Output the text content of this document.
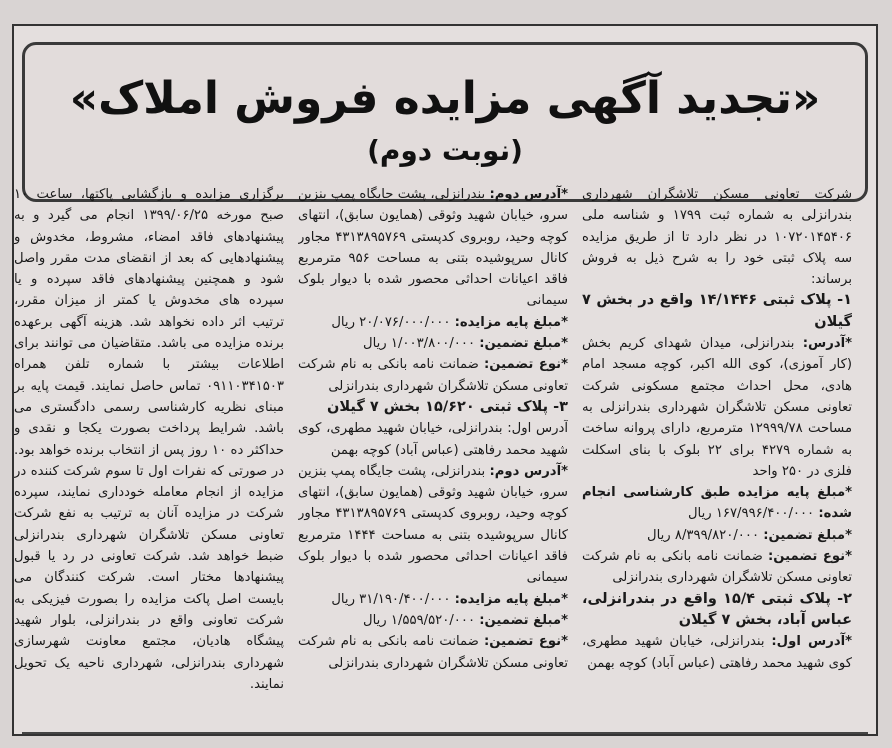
«تجدید آگهی مزایده فروش املاک»
(نوبت دوم)

شرکت تعاونی مسکن تلاشگران شهرداری بندرانزلی به شماره ثبت ۱۷۹۹ و شناسه ملی ۱۰۷۲۰۱۴۵۴۰۶ در نظر دارد تا از طریق مزایده سه پلاک ثبتی خود را به شرح ذیل به فروش برساند:

۱- پلاک ثبتی ۱۴/۱۴۴۶ واقع در بخش ۷ گیلان

*آدرس: بندرانزلی، میدان شهدای کریم بخش (کار آموزی)، کوی الله اکبر، کوچه مسجد امام هادی، محل احداث مجتمع مسکونی شرکت تعاونی مسکن تلاشگران شهرداری بندرانزلی به مساحت ۱۲۹۹۹/۷۸ مترمربع، دارای پروانه ساخت به شماره ۴۲۷۹ برای ۲۲ بلوک با بنای اسکلت فلزی در ۲۵۰ واحد

*مبلغ پایه مزایده طبق کارشناسی انجام شده: ۱۶۷/۹۹۶/۴۰۰/۰۰۰ ریال

*مبلغ تضمین: ۸/۳۹۹/۸۲۰/۰۰۰ ریال

*نوع تضمین: ضمانت نامه بانکی به نام شرکت تعاونی مسکن تلاشگران شهرداری بندرانزلی

۲- پلاک ثبتی ۱۵/۴ واقع در بندرانزلی، عباس آباد، بخش ۷ گیلان

*آدرس اول: بندرانزلی، خیابان شهید مطهری، کوی شهید محمد رفاهتی (عباس آباد) کوچه بهمن

*آدرس دوم: بندرانزلی، پشت جایگاه پمپ بنزین سرو، خیابان شهید وثوقی (همایون سابق)، انتهای کوچه وحید، روبروی کدپستی ۴۳۱۳۸۹۵۷۶۹ مجاور کانال سرپوشیده بتنی به مساحت ۹۵۶ مترمربع فاقد اعیانات احداثی محصور شده با دیوار بلوک سیمانی

*مبلغ پایه مزایده: ۲۰/۰۷۶/۰۰۰/۰۰۰ ریال

*مبلغ تضمین: ۱/۰۰۳/۸۰۰/۰۰۰ ریال

*نوع تضمین: ضمانت نامه بانکی به نام شرکت تعاونی مسکن تلاشگران شهرداری بندرانزلی

۳- پلاک ثبتی ۱۵/۶۲۰ بخش ۷ گیلان

آدرس اول: بندرانزلی، خیابان شهید مطهری، کوی شهید محمد رفاهتی (عباس آباد) کوچه بهمن

*آدرس دوم: بندرانزلی، پشت جایگاه پمپ بنزین سرو، خیابان شهید وثوقی (همایون سابق)، انتهای کوچه وحید، روبروی کدپستی ۴۳۱۳۸۹۵۷۶۹ مجاور کانال سرپوشیده بتنی به مساحت ۱۴۴۴ مترمربع فاقد اعیانات احداثی محصور شده با دیوار بلوک سیمانی

*مبلغ پایه مزایده: ۳۱/۱۹۰/۴۰۰/۰۰۰ ریال

*مبلغ تضمین: ۱/۵۵۹/۵۲۰/۰۰۰ ریال

*نوع تضمین: ضمانت نامه بانکی به نام شرکت تعاونی مسکن تلاشگران شهرداری بندرانزلی

برگزاری مزایده و بازگشایی پاکتها، ساعت ۱۰ صبح مورخه ۱۳۹۹/۰۶/۲۵ انجام می گیرد و به پیشنهادهای فاقد امضاء، مشروط، مخدوش و پیشنهادهایی که بعد از انقضای مدت مقرر واصل شود و همچنین پیشنهادهای فاقد سپرده و یا سپرده های مخدوش یا کمتر از میزان مقرر، ترتیب اثر داده نخواهد شد. هزینه آگهی برعهده برنده مزایده می باشد. متقاضیان می توانند برای اطلاعات بیشتر با شماره تلفن همراه ۰۹۱۱۰۳۴۱۵۰۳ تماس حاصل نمایند. قیمت پایه بر مبنای نظریه کارشناسی رسمی دادگستری می باشد. شرایط پرداخت بصورت یکجا و نقدی و حداکثر ده ۱۰ روز پس از انتخاب برنده خواهد بود. در صورتی که نفرات اول تا سوم شرکت کننده در مزایده از انجام معامله خودداری نمایند، سپرده شرکت در مزایده آنان به ترتیب به نفع شرکت تعاونی مسکن تلاشگران شهرداری بندرانزلی ضبط خواهد شد. شرکت تعاونی در رد یا قبول پیشنهادها مختار است. شرکت کنندگان می بایست اصل پاکت مزایده را بصورت فیزیکی به شرکت تعاونی واقع در بندرانزلی، بلوار شهید پیشگاه هادیان، مجتمع معاونت شهرسازی شهرداری بندرانزلی، شهرداری ناحیه یک تحویل نمایند.
